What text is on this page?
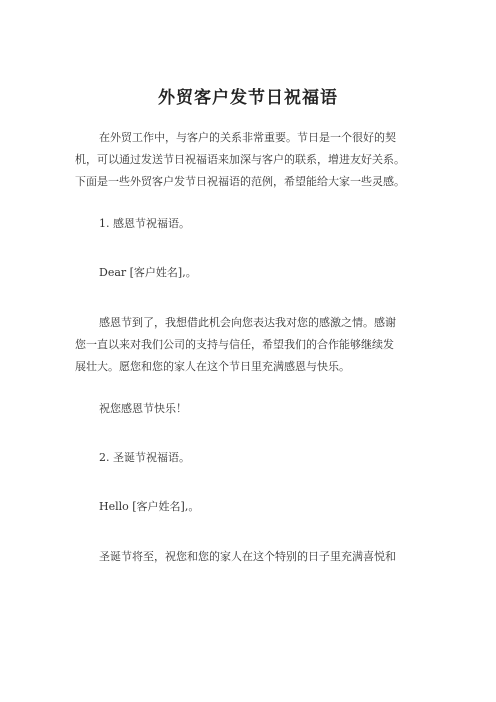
外贸客户发节日祝福语
在外贸工作中，与客户的关系非常重要。节日是一个很好的契
机，可以通过发送节日祝福语来加深与客户的联系，增进友好关系。
下面是一些外贸客户发节日祝福语的范例，希望能给大家一些灵感。

1. 感恩节祝福语。

Dear [客户姓名],。

感恩节到了，我想借此机会向您表达我对您的感激之情。感谢
您一直以来对我们公司的支持与信任，希望我们的合作能够继续发
展壮大。愿您和您的家人在这个节日里充满感恩与快乐。

祝您感恩节快乐！

2. 圣诞节祝福语。

Hello [客户姓名],。

圣诞节将至，祝您和您的家人在这个特别的日子里充满喜悦和
